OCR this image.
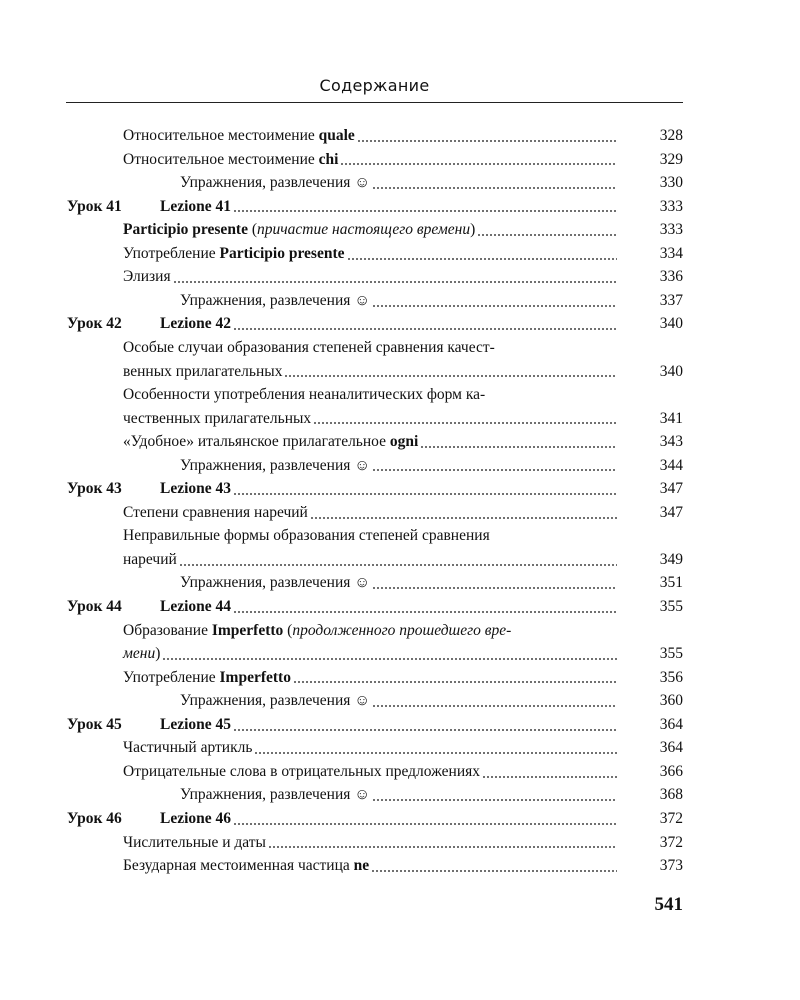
Содержание
Относительное местоимение quale	328
Относительное местоимение chi	329
Упражнения, развлечения ☺	330
Урок 41 Lezione 41	333
Participio presente (причастие настоящего времени)	333
Употребление Participio presente	334
Элизия	336
Упражнения, развлечения ☺	337
Урок 42 Lezione 42	340
Особые случаи образования степеней сравнения качест-
венных прилагательных	340
Особенности употребления неаналитических форм ка-
чественных прилагательных	341
«Удобное» итальянское прилагательное ogni	343
Упражнения, развлечения ☺	344
Урок 43 Lezione 43	347
Степени сравнения наречий	347
Неправильные формы образования степеней сравнения
наречий	349
Упражнения, развлечения ☺	351
Урок 44 Lezione 44	355
Образование Imperfetto (продолженного прошедшего вре-
мени)	355
Употребление Imperfetto	356
Упражнения, развлечения ☺	360
Урок 45 Lezione 45	364
Частичный артикль	364
Отрицательные слова в отрицательных предложениях	366
Упражнения, развлечения ☺	368
Урок 46 Lezione 46	372
Числительные и даты	372
Безударная местоименная частица ne	373
541
